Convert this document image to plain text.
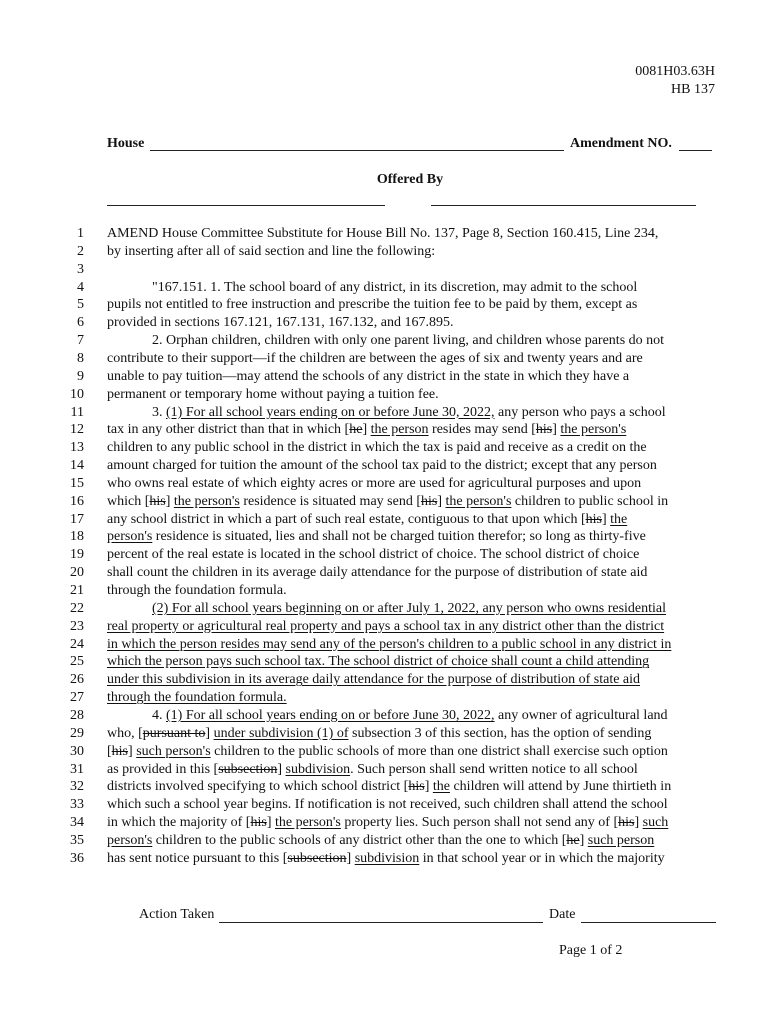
0081H03.63H
HB 137
House	Amendment NO.
Offered By
1 AMEND House Committee Substitute for House Bill No. 137, Page 8, Section 160.415, Line 234,
2 by inserting after all of said section and line the following:
3
4	"167.151. 1. The school board of any district, in its discretion, may admit to the school
5 pupils not entitled to free instruction and prescribe the tuition fee to be paid by them, except as
6 provided in sections 167.121, 167.131, 167.132, and 167.895.
7	2. Orphan children, children with only one parent living, and children whose parents do not
8 contribute to their support—if the children are between the ages of six and twenty years and are
9 unable to pay tuition—may attend the schools of any district in the state in which they have a
10 permanent or temporary home without paying a tuition fee.
11	3. (1) For all school years ending on or before June 30, 2022, any person who pays a school
12 tax in any other district than that in which [he] the person resides may send [his] the person's
13 children to any public school in the district in which the tax is paid and receive as a credit on the
14 amount charged for tuition the amount of the school tax paid to the district; except that any person
15 who owns real estate of which eighty acres or more are used for agricultural purposes and upon
16 which [his] the person's residence is situated may send [his] the person's children to public school in
17 any school district in which a part of such real estate, contiguous to that upon which [his] the
18 person's residence is situated, lies and shall not be charged tuition therefor; so long as thirty-five
19 percent of the real estate is located in the school district of choice. The school district of choice
20 shall count the children in its average daily attendance for the purpose of distribution of state aid
21 through the foundation formula.
22	(2) For all school years beginning on or after July 1, 2022, any person who owns residential
23 real property or agricultural real property and pays a school tax in any district other than the district
24 in which the person resides may send any of the person's children to a public school in any district in
25 which the person pays such school tax. The school district of choice shall count a child attending
26 under this subdivision in its average daily attendance for the purpose of distribution of state aid
27 through the foundation formula.
28	4. (1) For all school years ending on or before June 30, 2022, any owner of agricultural land
29 who, [pursuant to] under subdivision (1) of subsection 3 of this section, has the option of sending
30 [his] such person's children to the public schools of more than one district shall exercise such option
31 as provided in this [subsection] subdivision. Such person shall send written notice to all school
32 districts involved specifying to which school district [his] the children will attend by June thirtieth in
33 which such a school year begins. If notification is not received, such children shall attend the school
34 in which the majority of [his] the person's property lies. Such person shall not send any of [his] such
35 person's children to the public schools of any district other than the one to which [he] such person
36 has sent notice pursuant to this [subsection] subdivision in that school year or in which the majority
Action Taken	Date
Page 1 of 2
